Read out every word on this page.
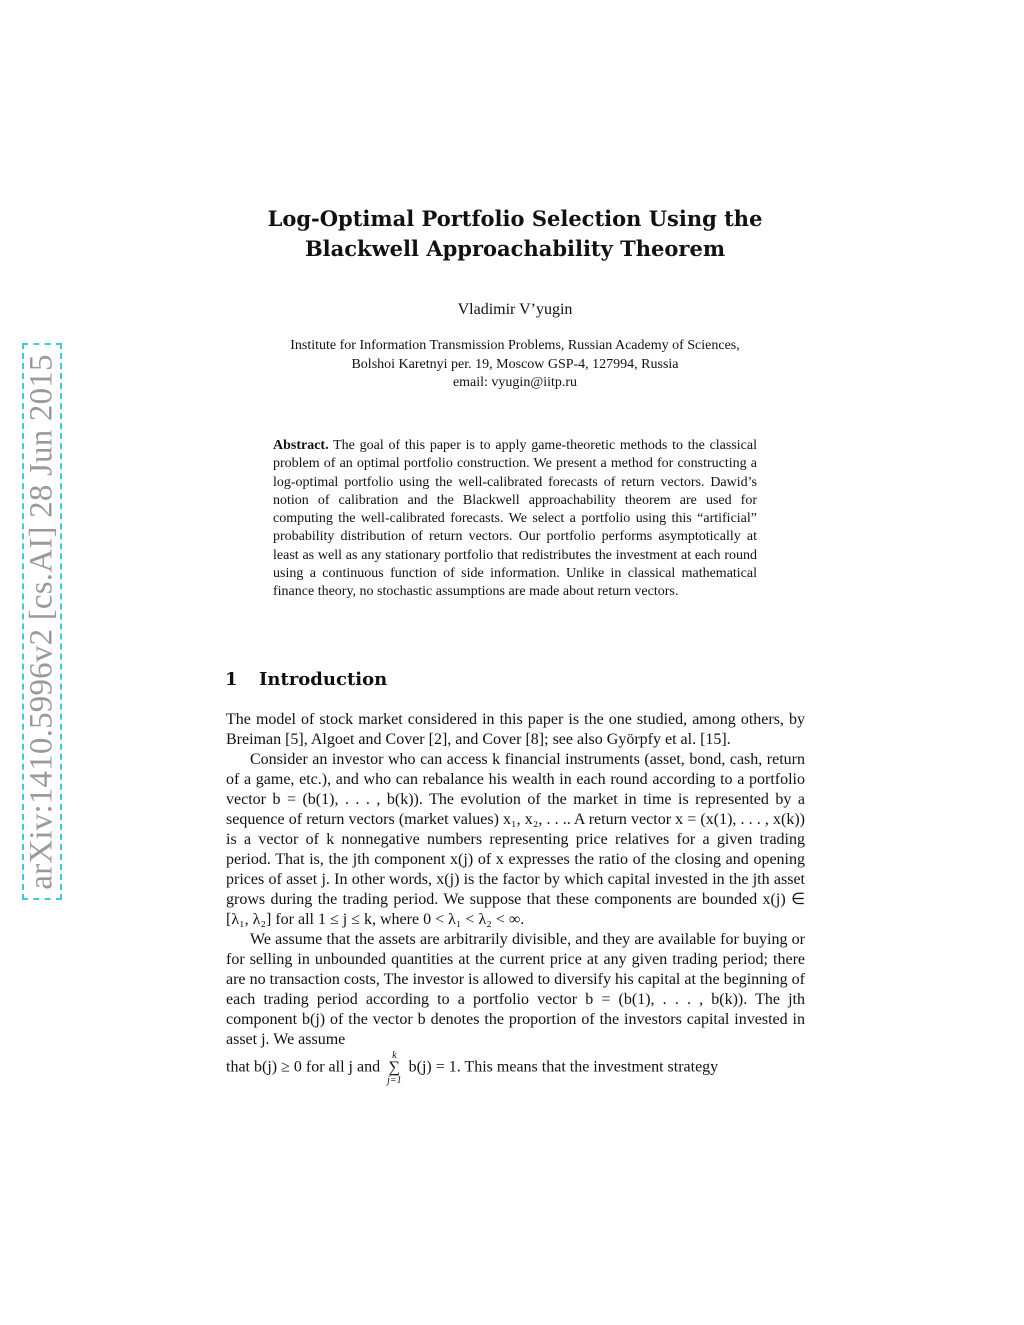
arXiv:1410.5996v2 [cs.AI] 28 Jun 2015
Log-Optimal Portfolio Selection Using the Blackwell Approachability Theorem
Vladimir V’yugin
Institute for Information Transmission Problems, Russian Academy of Sciences,
Bolshoi Karetnyi per. 19, Moscow GSP-4, 127994, Russia
email: vyugin@iitp.ru
Abstract. The goal of this paper is to apply game-theoretic methods to the classical problem of an optimal portfolio construction. We present a method for constructing a log-optimal portfolio using the well-calibrated forecasts of return vectors. Dawid’s notion of calibration and the Blackwell approachability theorem are used for computing the well-calibrated forecasts. We select a portfolio using this “artificial” probability distribution of return vectors. Our portfolio performs asymptotically at least as well as any stationary portfolio that redistributes the investment at each round using a continuous function of side information. Unlike in classical mathematical finance theory, no stochastic assumptions are made about return vectors.
1 Introduction

The model of stock market considered in this paper is the one studied, among others, by Breiman [5], Algoet and Cover [2], and Cover [8]; see also Györpfy et al. [15].

Consider an investor who can access k financial instruments (asset, bond, cash, return of a game, etc.), and who can rebalance his wealth in each round according to a portfolio vector b = (b(1), . . . , b(k)). The evolution of the market in time is represented by a sequence of return vectors (market values) x₁, x₂, . . .. A return vector x = (x(1), . . . , x(k)) is a vector of k nonnegative numbers representing price relatives for a given trading period. That is, the jth component x(j) of x expresses the ratio of the closing and opening prices of asset j. In other words, x(j) is the factor by which capital invested in the jth asset grows during the trading period. We suppose that these components are bounded x(j) ∈ [λ₁, λ₂] for all 1 ≤ j ≤ k, where 0 < λ₁ < λ₂ < ∞.

We assume that the assets are arbitrarily divisible, and they are available for buying or for selling in unbounded quantities at the current price at any given trading period; there are no transaction costs, The investor is allowed to diversify his capital at the beginning of each trading period according to a portfolio vector b = (b(1), . . . , b(k)). The jth component b(j) of the vector b denotes the proportion of the investors capital invested in asset j. We assume

that b(j) ≥ 0 for all j and
k
∑
j=1
b(j) = 1. This means that the investment strategy
